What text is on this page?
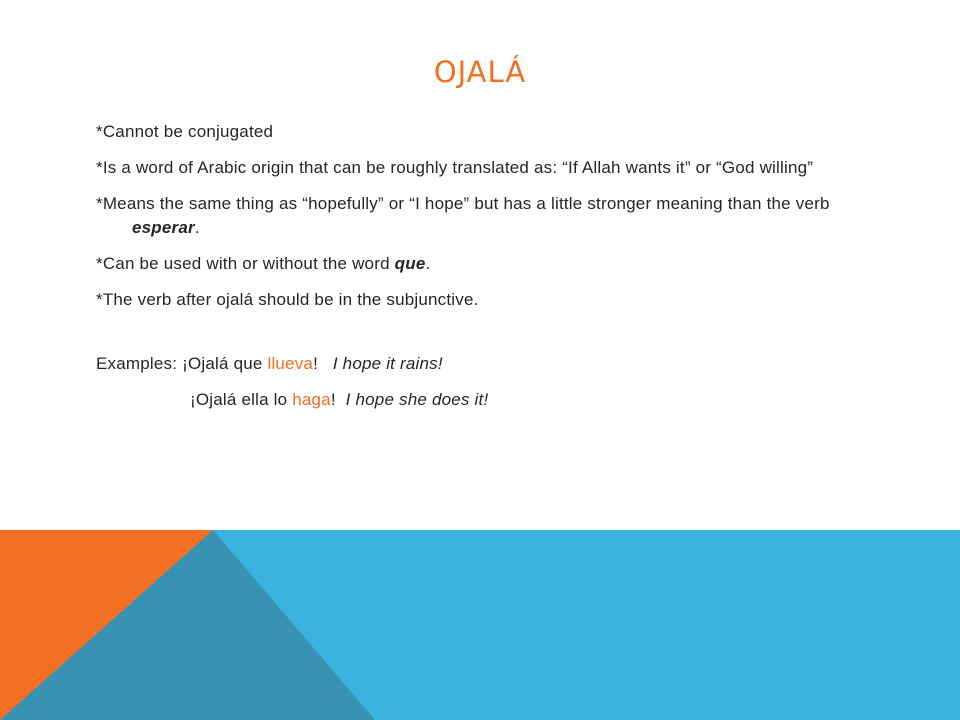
OJALÁ

*Cannot be conjugated

*Is a word of Arabic origin that can be roughly translated as: “If Allah wants it” or “God willing”

*Means the same thing as “hopefully” or “I hope” but has a little stronger meaning than the verb esperar.

*Can be used with or without the word que.

*The verb after ojalá should be in the subjunctive.

Examples: ¡Ojalá que llueva! I hope it rains!

¡Ojalá ella lo haga! I hope she does it!
